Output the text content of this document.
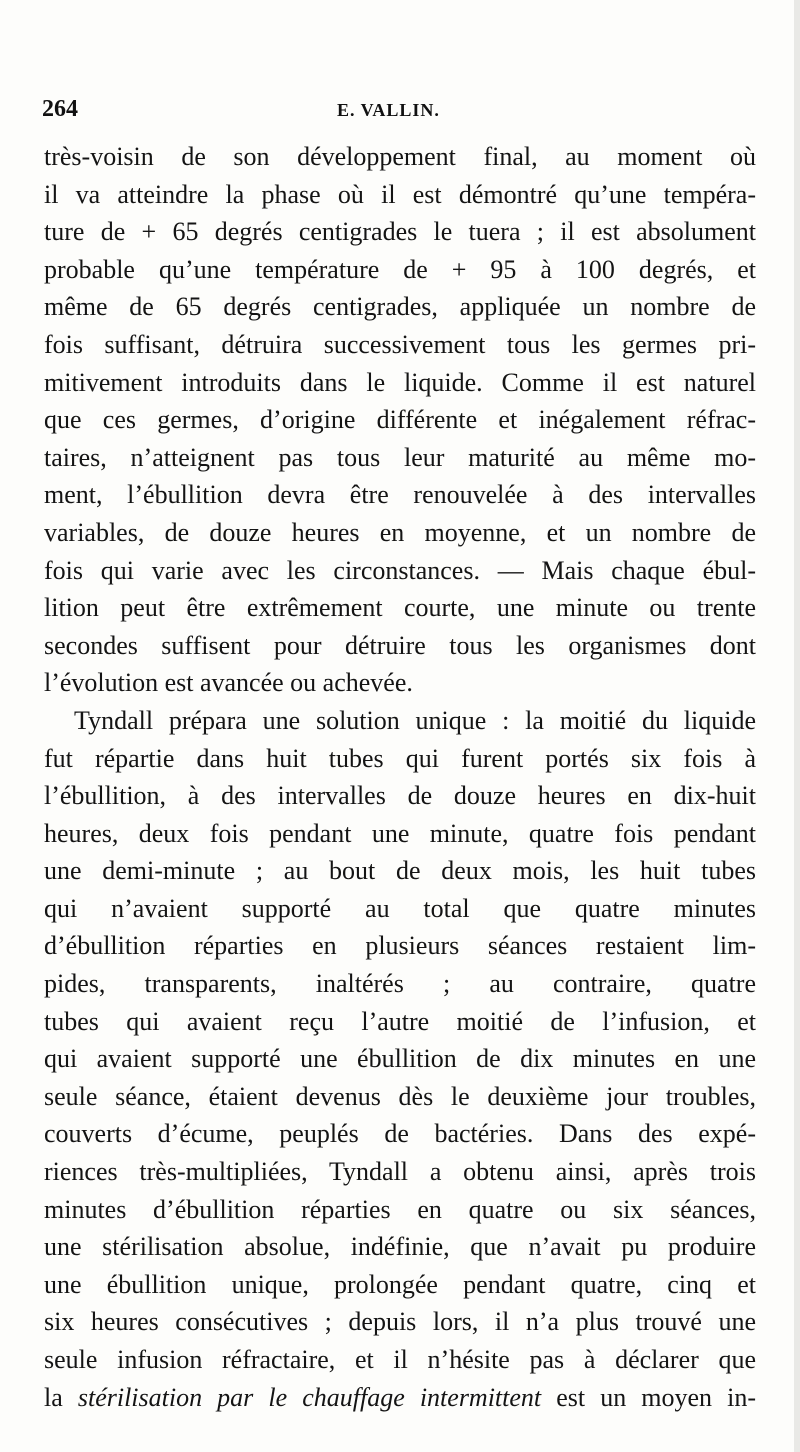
264	E. VALLIN.
très-voisin de son développement final, au moment où
il va atteindre la phase où il est démontré qu’une tempéra-
ture de + 65 degrés centigrades le tuera ; il est absolument
probable qu’une température de + 95 à 100 degrés, et
même de 65 degrés centigrades, appliquée un nombre de
fois suffisant, détruira successivement tous les germes pri-
mitivement introduits dans le liquide. Comme il est naturel
que ces germes, d’origine différente et inégalement réfrac-
taires, n’atteignent pas tous leur maturité au même mo-
ment, l’ébullition devra être renouvelée à des intervalles
variables, de douze heures en moyenne, et un nombre de
fois qui varie avec les circonstances. — Mais chaque ébul-
lition peut être extrêmement courte, une minute ou trente
secondes suffisent pour détruire tous les organismes dont
l’évolution est avancée ou achevée.
Tyndall prépara une solution unique : la moitié du liquide
fut répartie dans huit tubes qui furent portés six fois à
l’ébullition, à des intervalles de douze heures en dix-huit
heures, deux fois pendant une minute, quatre fois pendant
une demi-minute ; au bout de deux mois, les huit tubes
qui n’avaient supporté au total que quatre minutes
d’ébullition réparties en plusieurs séances restaient lim-
pides, transparents, inaltérés ; au contraire, quatre
tubes qui avaient reçu l’autre moitié de l’infusion, et
qui avaient supporté une ébullition de dix minutes en une
seule séance, étaient devenus dès le deuxième jour troubles,
couverts d’écume, peuplés de bactéries. Dans des expé-
riences très-multipliées, Tyndall a obtenu ainsi, après trois
minutes d’ébullition réparties en quatre ou six séances,
une stérilisation absolue, indéfinie, que n’avait pu produire
une ébullition unique, prolongée pendant quatre, cinq et
six heures consécutives ; depuis lors, il n’a plus trouvé une
seule infusion réfractaire, et il n’hésite pas à déclarer que
la stérilisation par le chauffage intermittent est un moyen in-
